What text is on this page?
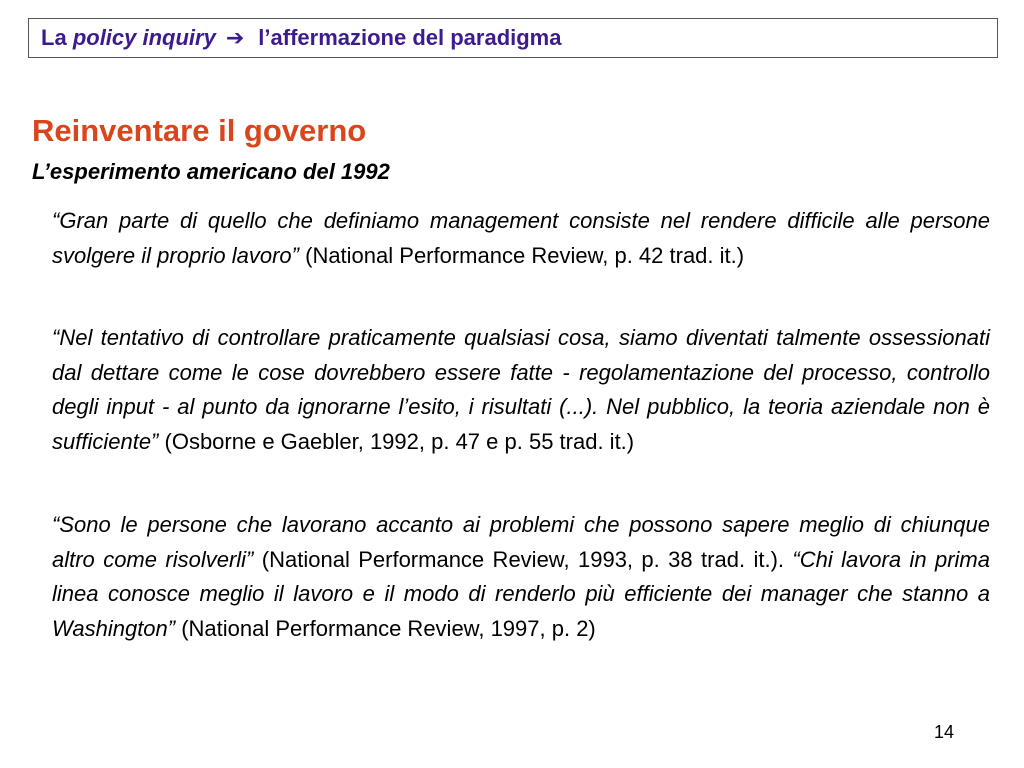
La
policy inquiry ➔ l’affermazione del paradigma
Reinventare il governo
L’esperimento americano del 1992

“Gran parte di quello che definiamo management consiste nel rendere difficile alle persone svolgere il proprio lavoro” (National Performance Review, p. 42 trad. it.)

“Nel tentativo di controllare praticamente qualsiasi cosa, siamo diventati talmente ossessionati dal dettare come le cose dovrebbero essere fatte - regolamentazione del processo, controllo degli input - al punto da ignorarne l’esito, i risultati (...). Nel pubblico, la teoria aziendale non è sufficiente” (Osborne e Gaebler, 1992, p. 47 e p. 55 trad. it.)

“Sono le persone che lavorano accanto ai problemi che possono sapere meglio di chiunque altro come risolverli” (National Performance Review, 1993, p. 38 trad. it.). “Chi lavora in prima linea conosce meglio il lavoro e il modo di renderlo più efficiente dei manager che stanno a Washington” (National Performance Review, 1997, p. 2)

14
